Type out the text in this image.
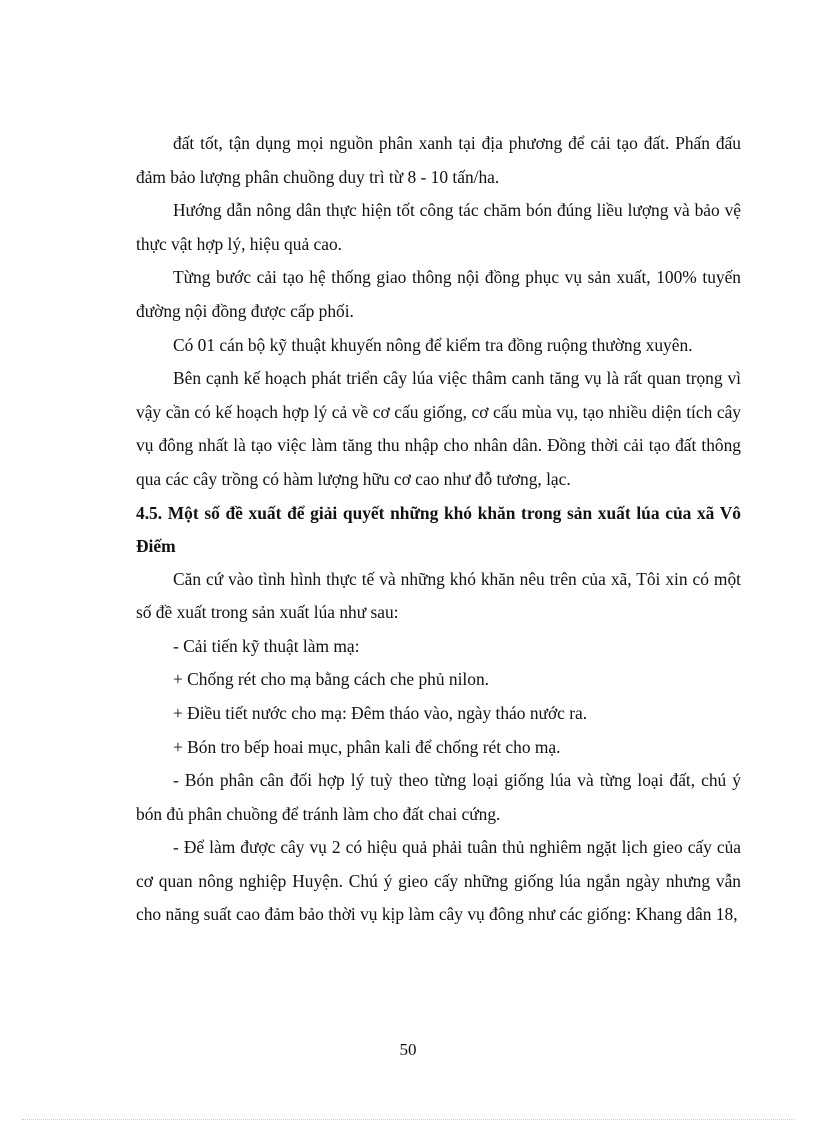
đất tốt, tận dụng mọi nguồn phân xanh tại địa phương để cải tạo đất. Phấn đấu đảm bảo lượng phân chuồng duy trì từ 8 - 10 tấn/ha.

Hướng dẫn nông dân thực hiện tốt công tác chăm bón đúng liều lượng và bảo vệ thực vật hợp lý, hiệu quả cao.

Từng bước cải tạo hệ thống giao thông nội đồng phục vụ sản xuất, 100% tuyến đường nội đồng được cấp phối.

Có 01 cán bộ kỹ thuật khuyến nông để kiểm tra đồng ruộng thường xuyên.

Bên cạnh kế hoạch phát triển cây lúa việc thâm canh tăng vụ là rất quan trọng vì vậy cần có kế hoạch hợp lý cả về cơ cấu giống, cơ cấu mùa vụ, tạo nhiều diện tích cây vụ đông nhất là tạo việc làm tăng thu nhập cho nhân dân. Đồng thời cải tạo đất thông qua các cây trồng có hàm lượng hữu cơ cao như đỗ tương, lạc.

4.5. Một số đề xuất để giải quyết những khó khăn trong sản xuất lúa của xã Vô Điếm

Căn cứ vào tình hình thực tế và những khó khăn nêu trên của xã, Tôi xin có một số đề xuất trong sản xuất lúa như sau:

- Cải tiến kỹ thuật làm mạ:

+ Chống rét cho mạ bằng cách che phủ nilon.

+ Điều tiết nước cho mạ: Đêm tháo vào, ngày tháo nước ra.

+ Bón tro bếp hoai mục, phân kali để chống rét cho mạ.

- Bón phân cân đối hợp lý tuỳ theo từng loại giống lúa và từng loại đất, chú ý bón đủ phân chuồng để tránh làm cho đất chai cứng.

- Để làm được cây vụ 2 có hiệu quả phải tuân thủ nghiêm ngặt lịch gieo cấy của cơ quan nông nghiệp Huyện. Chú ý gieo cấy những giống lúa ngắn ngày nhưng vẫn cho năng suất cao đảm bảo thời vụ kịp làm cây vụ đông như các giống: Khang dân 18,

50
